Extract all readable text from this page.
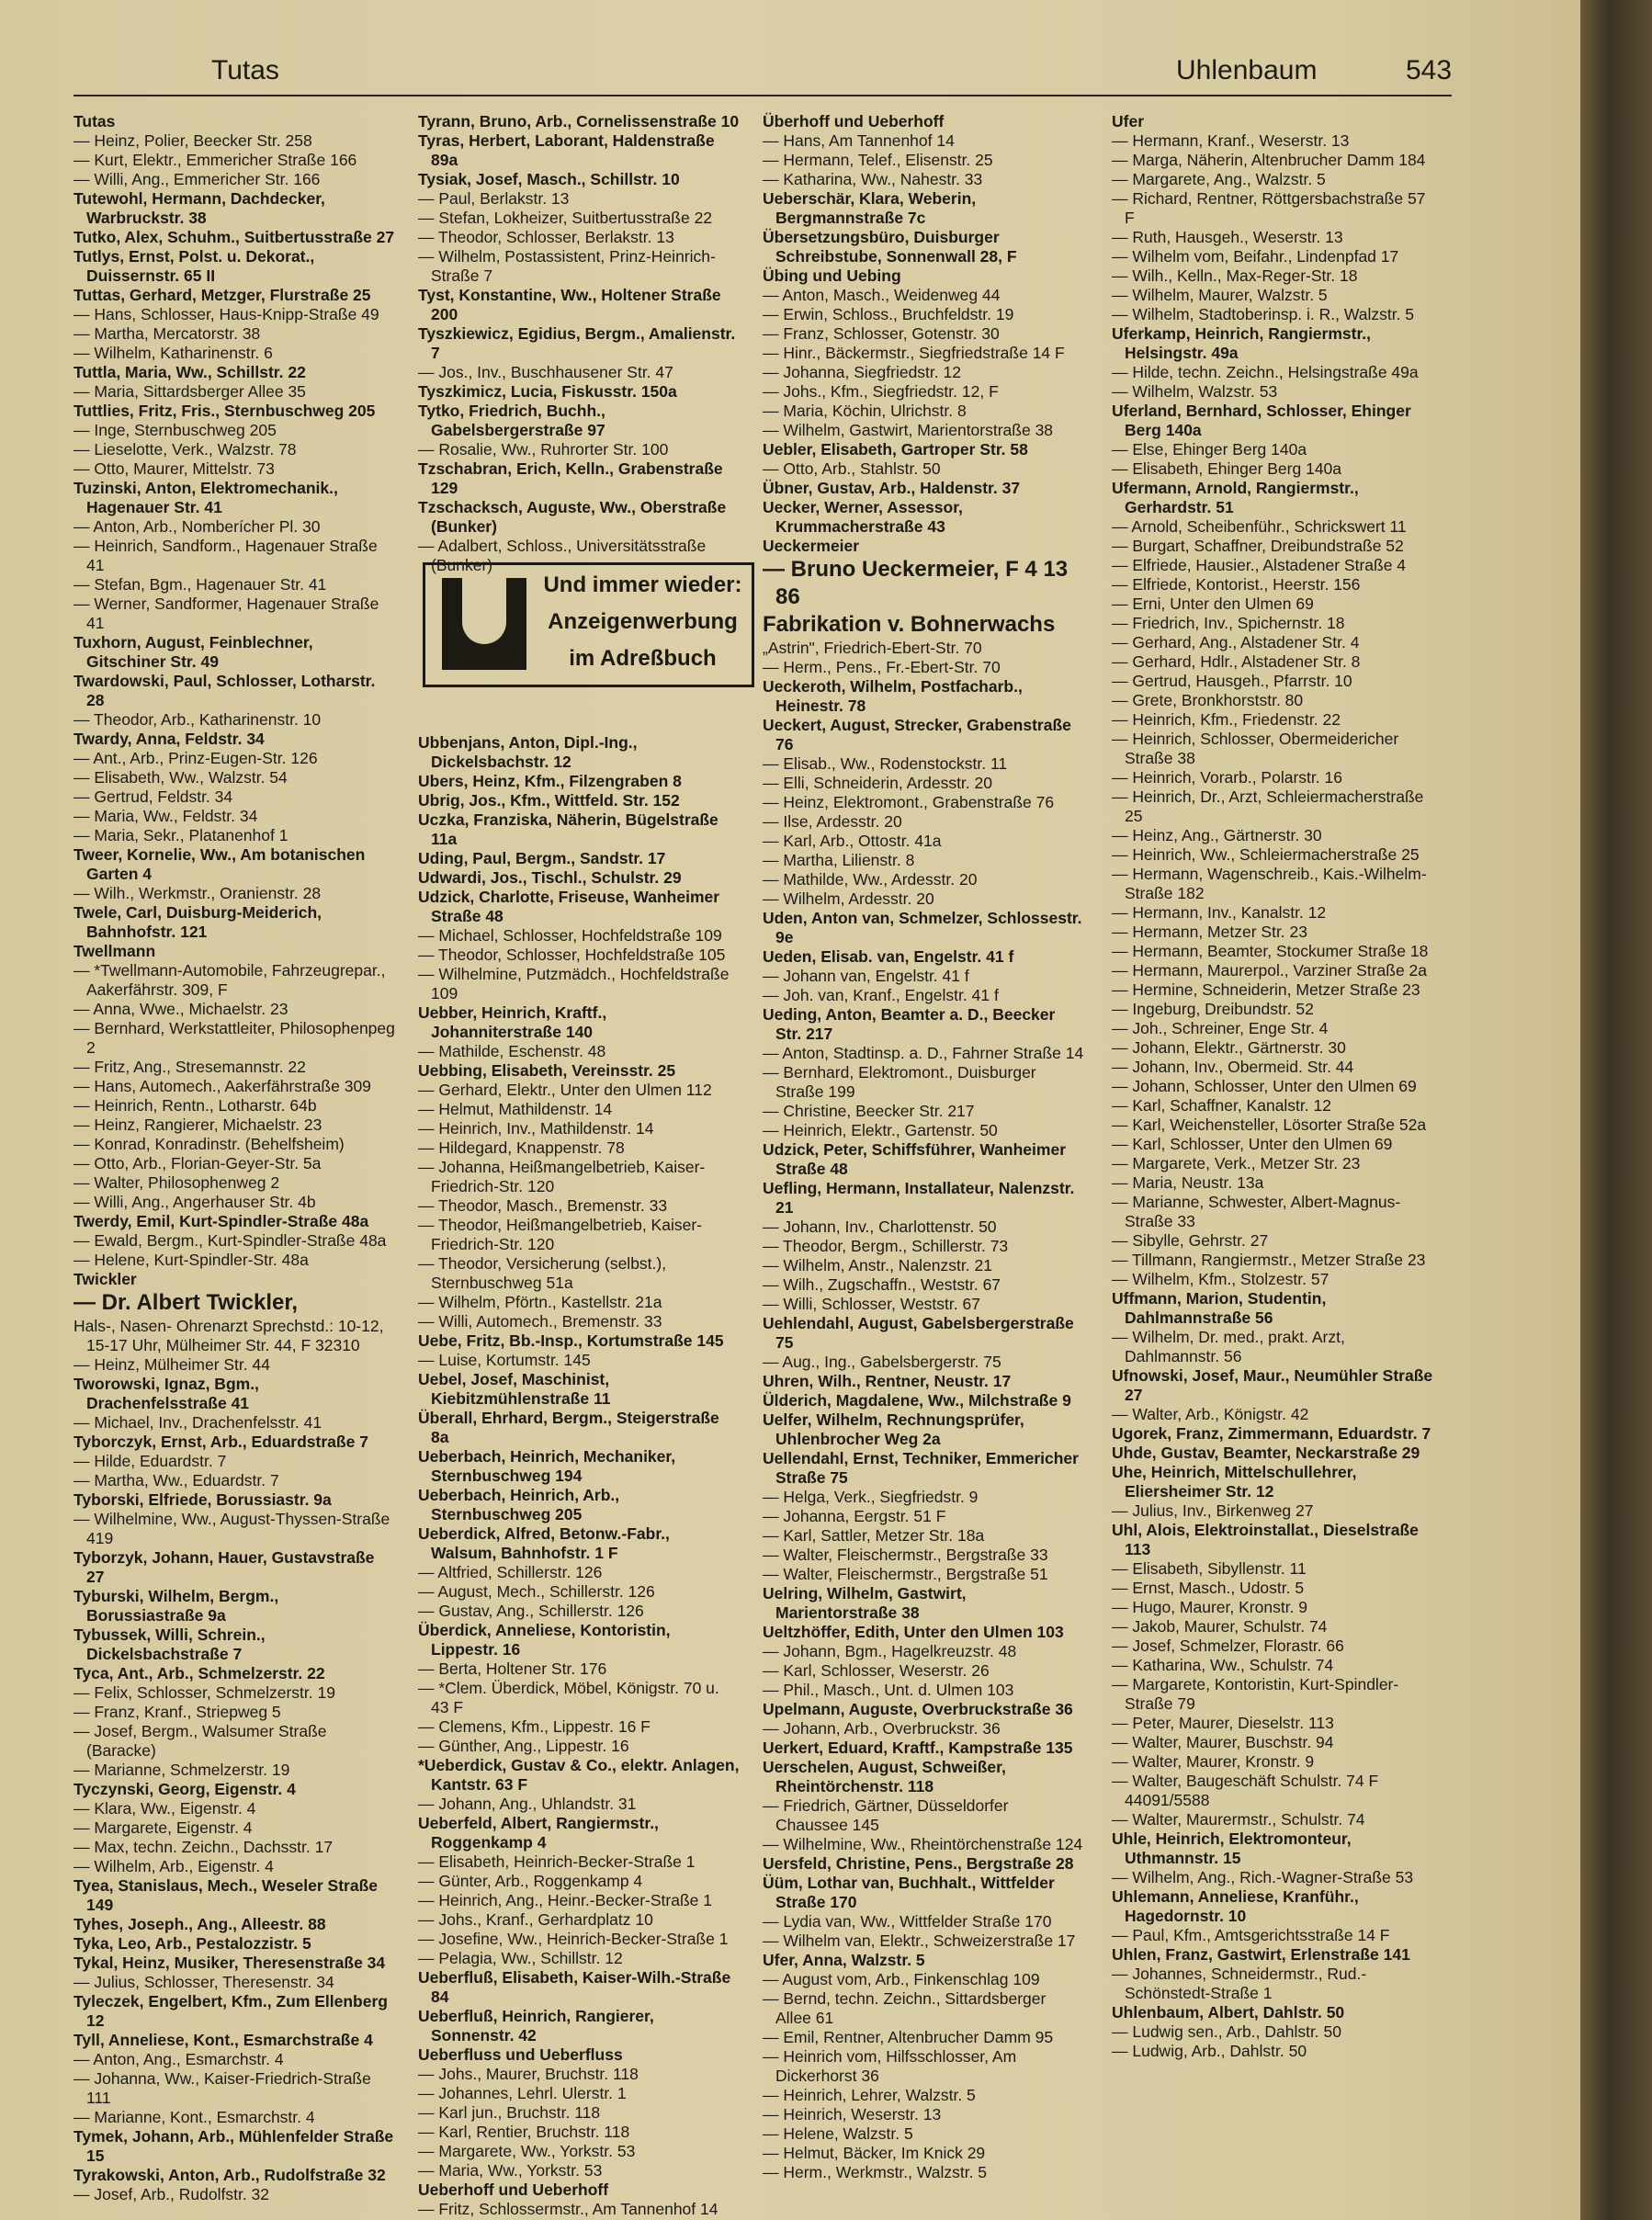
Tutas	Uhlenbaum	543

Tutas

— Heinz, Polier, Beecker Str. 258

— Kurt, Elektr., Emmericher Straße 166

— Willi, Ang., Emmericher Str. 166

Tutewohl, Hermann, Dachdecker, Warbruckstr. 38

Tutko, Alex, Schuhm., Suitbertusstraße 27

Tutlys, Ernst, Polst. u. Dekorat., Duissernstr. 65 II

Tuttas, Gerhard, Metzger, Flurstraße 25

— Hans, Schlosser, Haus-Knipp-Straße 49

— Martha, Mercatorstr. 38

— Wilhelm, Katharinenstr. 6

Tuttla, Maria, Ww., Schillstr. 22

— Maria, Sittardsberger Allee 35

Tuttlies, Fritz, Fris., Sternbuschweg 205

— Inge, Sternbuschweg 205

— Lieselotte, Verk., Walzstr. 78

— Otto, Maurer, Mittelstr. 73

Tuzinski, Anton, Elektromechanik., Hagenauer Str. 41

— Anton, Arb., Nomberícher Pl. 30

— Heinrich, Sandform., Hagenauer Straße 41

— Stefan, Bgm., Hagenauer Str. 41

— Werner, Sandformer, Hagenauer Straße 41

Tuxhorn, August, Feinblechner, Gitschiner Str. 49

Twardowski, Paul, Schlosser, Lotharstr. 28

— Theodor, Arb., Katharinenstr. 10

Twardy, Anna, Feldstr. 34

— Ant., Arb., Prinz-Eugen-Str. 126

— Elisabeth, Ww., Walzstr. 54

— Gertrud, Feldstr. 34

— Maria, Ww., Feldstr. 34

— Maria, Sekr., Platanenhof 1

Tweer, Kornelie, Ww., Am botanischen Garten 4

— Wilh., Werkmstr., Oranienstr. 28

Twele, Carl, Duisburg-Meiderich, Bahnhofstr. 121

Twellmann

— *Twellmann-Automobile, Fahrzeugrepar., Aakerfährstr. 309, F

— Anna, Wwe., Michaelstr. 23

— Bernhard, Werkstattleiter, Philosophenpeg 2

— Fritz, Ang., Stresemannstr. 22

— Hans, Automech., Aakerfährstraße 309

— Heinrich, Rentn., Lotharstr. 64b

— Heinz, Rangierer, Michaelstr. 23

— Konrad, Konradinstr. (Behelfsheim)

— Otto, Arb., Florian-Geyer-Str. 5a

— Walter, Philosophenweg 2

— Willi, Ang., Angerhauser Str. 4b

Twerdy, Emil, Kurt-Spindler-Straße 48a

— Ewald, Bergm., Kurt-Spindler-Straße 48a

— Helene, Kurt-Spindler-Str. 48a

Twickler

— Dr. Albert Twickler,

Hals-, Nasen- Ohrenarzt Sprechstd.: 10-12, 15-17 Uhr, Mülheimer Str. 44, F 32310

— Heinz, Mülheimer Str. 44

Tworowski, Ignaz, Bgm., Drachenfelsstraße 41

— Michael, Inv., Drachenfelsstr. 41

Tyborczyk, Ernst, Arb., Eduardstraße 7

— Hilde, Eduardstr. 7

— Martha, Ww., Eduardstr. 7

Tyborski, Elfriede, Borussiastr. 9a

— Wilhelmine, Ww., August-Thyssen-Straße 419

Tyborzyk, Johann, Hauer, Gustavstraße 27

Tyburski, Wilhelm, Bergm., Borussiastraße 9a

Tybussek, Willi, Schrein., Dickelsbachstraße 7

Tyca, Ant., Arb., Schmelzerstr. 22

— Felix, Schlosser, Schmelzerstr. 19

— Franz, Kranf., Striepweg 5

— Josef, Bergm., Walsumer Straße (Baracke)

— Marianne, Schmelzerstr. 19

Tyczynski, Georg, Eigenstr. 4

— Klara, Ww., Eigenstr. 4

— Margarete, Eigenstr. 4

— Max, techn. Zeichn., Dachsstr. 17

— Wilhelm, Arb., Eigenstr. 4

Tyea, Stanislaus, Mech., Weseler Straße 149

Tyhes, Joseph., Ang., Alleestr. 88

Tyka, Leo, Arb., Pestalozzistr. 5

Tykal, Heinz, Musiker, Theresenstraße 34

— Julius, Schlosser, Theresenstr. 34

Tyleczek, Engelbert, Kfm., Zum Ellenberg 12

Tyll, Anneliese, Kont., Esmarchstraße 4

— Anton, Ang., Esmarchstr. 4

— Johanna, Ww., Kaiser-Friedrich-Straße 111

— Marianne, Kont., Esmarchstr. 4

Tymek, Johann, Arb., Mühlenfelder Straße 15

Tyrakowski, Anton, Arb., Rudolfstraße 32

— Josef, Arb., Rudolfstr. 32

Tyrann, Bruno, Arb., Cornelissenstraße 10

Tyras, Herbert, Laborant, Haldenstraße 89a

Tysiak, Josef, Masch., Schillstr. 10

— Paul, Berlakstr. 13

— Stefan, Lokheizer, Suitbertusstraße 22

— Theodor, Schlosser, Berlakstr. 13

— Wilhelm, Postassistent, Prinz-Heinrich-Straße 7

Tyst, Konstantine, Ww., Holtener Straße 200

Tyszkiewicz, Egidius, Bergm., Amalienstr. 7

— Jos., Inv., Buschhausener Str. 47

Tyszkimicz, Lucia, Fiskusstr. 150a

Tytko, Friedrich, Buchh., Gabelsbergerstraße 97

— Rosalie, Ww., Ruhrorter Str. 100

Tzschabran, Erich, Kelln., Grabenstraße 129

Tzschacksch, Auguste, Ww., Oberstraße (Bunker)

— Adalbert, Schloss., Universitätsstraße (Bunker)

Ubbenjans, Anton, Dipl.-Ing., Dickelsbachstr. 12

Ubers, Heinz, Kfm., Filzengraben 8

Ubrig, Jos., Kfm., Wittfeld. Str. 152

Uczka, Franziska, Näherin, Bügelstraße 11a

Uding, Paul, Bergm., Sandstr. 17

Udwardi, Jos., Tischl., Schulstr. 29

Udzick, Charlotte, Friseuse, Wanheimer Straße 48

— Michael, Schlosser, Hochfeldstraße 109

— Theodor, Schlosser, Hochfeldstraße 105

— Wilhelmine, Putzmädch., Hochfeldstraße 109

Uebber, Heinrich, Kraftf., Johanniterstraße 140

— Mathilde, Eschenstr. 48

Uebbing, Elisabeth, Vereinsstr. 25

— Gerhard, Elektr., Unter den Ulmen 112

— Helmut, Mathildenstr. 14

— Heinrich, Inv., Mathildenstr. 14

— Hildegard, Knappenstr. 78

— Johanna, Heißmangelbetrieb, Kaiser-Friedrich-Str. 120

— Theodor, Masch., Bremenstr. 33

— Theodor, Heißmangelbetrieb, Kaiser-Friedrich-Str. 120

— Theodor, Versicherung (selbst.), Sternbuschweg 51a

— Wilhelm, Pförtn., Kastellstr. 21a

— Willi, Automech., Bremenstr. 33

Uebe, Fritz, Bb.-Insp., Kortumstraße 145

— Luise, Kortumstr. 145

Uebel, Josef, Maschinist, Kiebitzmühlenstraße 11

Überall, Ehrhard, Bergm., Steigerstraße 8a

Ueberbach, Heinrich, Mechaniker, Sternbuschweg 194

Ueberbach, Heinrich, Arb., Sternbuschweg 205

Ueberdick, Alfred, Betonw.-Fabr., Walsum, Bahnhofstr. 1 F

— Altfried, Schillerstr. 126

— August, Mech., Schillerstr. 126

— Gustav, Ang., Schillerstr. 126

Überdick, Anneliese, Kontoristin, Lippestr. 16

— Berta, Holtener Str. 176

— *Clem. Überdick, Möbel, Königstr. 70 u. 43 F

— Clemens, Kfm., Lippestr. 16 F

— Günther, Ang., Lippestr. 16

*Ueberdick, Gustav & Co., elektr. Anlagen, Kantstr. 63 F

— Johann, Ang., Uhlandstr. 31

Ueberfeld, Albert, Rangiermstr., Roggenkamp 4

— Elisabeth, Heinrich-Becker-Straße 1

— Günter, Arb., Roggenkamp 4

— Heinrich, Ang., Heinr.-Becker-Straße 1

— Johs., Kranf., Gerhardplatz 10

— Josefine, Ww., Heinrich-Becker-Straße 1

— Pelagia, Ww., Schillstr. 12

Ueberfluß, Elisabeth, Kaiser-Wilh.-Straße 84

Ueberfluß, Heinrich, Rangierer, Sonnenstr. 42

Ueberfluss und Ueberfluss

— Johs., Maurer, Bruchstr. 118

— Johannes, Lehrl. Ulerstr. 1

— Karl jun., Bruchstr. 118

— Karl, Rentier, Bruchstr. 118

— Margarete, Ww., Yorkstr. 53

— Maria, Ww., Yorkstr. 53

Ueberhoff und Ueberhoff

— Fritz, Schlossermstr., Am Tannenhof 14

Überhoff und Ueberhoff

— Hans, Am Tannenhof 14

— Hermann, Telef., Elisenstr. 25

— Katharina, Ww., Nahestr. 33

Ueberschär, Klara, Weberin, Bergmannstraße 7c

Übersetzungsbüro, Duisburger Schreibstube, Sonnenwall 28, F

Übing und Uebing

— Anton, Masch., Weidenweg 44

— Erwin, Schloss., Bruchfeldstr. 19

— Franz, Schlosser, Gotenstr. 30

— Hinr., Bäckermstr., Siegfriedstraße 14 F

— Johanna, Siegfriedstr. 12

— Johs., Kfm., Siegfriedstr. 12, F

— Maria, Köchin, Ulrichstr. 8

— Wilhelm, Gastwirt, Marientorstraße 38

Uebler, Elisabeth, Gartroper Str. 58

— Otto, Arb., Stahlstr. 50

Übner, Gustav, Arb., Haldenstr. 37

Uecker, Werner, Assessor, Krummacherstraße 43

Ueckermeier

— Bruno Ueckermeier, F 4 13 86

Fabrikation v. Bohnerwachs

„Astrin", Friedrich-Ebert-Str. 70

— Herm., Pens., Fr.-Ebert-Str. 70

Ueckeroth, Wilhelm, Postfacharb., Heinestr. 78

Ueckert, August, Strecker, Grabenstraße 76

— Elisab., Ww., Rodenstockstr. 11

— Elli, Schneiderin, Ardesstr. 20

— Heinz, Elektromont., Grabenstraße 76

— Ilse, Ardesstr. 20

— Karl, Arb., Ottostr. 41a

— Martha, Lilienstr. 8

— Mathilde, Ww., Ardesstr. 20

— Wilhelm, Ardesstr. 20

Uden, Anton van, Schmelzer, Schlossestr. 9e

Ueden, Elisab. van, Engelstr. 41 f

— Johann van, Engelstr. 41 f

— Joh. van, Kranf., Engelstr. 41 f

Ueding, Anton, Beamter a. D., Beecker Str. 217

— Anton, Stadtinsp. a. D., Fahrner Straße 14

— Bernhard, Elektromont., Duisburger Straße 199

— Christine, Beecker Str. 217

— Heinrich, Elektr., Gartenstr. 50

Udzick, Peter, Schiffsführer, Wanheimer Straße 48

Uefling, Hermann, Installateur, Nalenzstr. 21

— Johann, Inv., Charlottenstr. 50

— Theodor, Bergm., Schillerstr. 73

— Wilhelm, Anstr., Nalenzstr. 21

— Wilh., Zugschaffn., Weststr. 67

— Willi, Schlosser, Weststr. 67

Uehlendahl, August, Gabelsbergerstraße 75

— Aug., Ing., Gabelsbergerstr. 75

Uhren, Wilh., Rentner, Neustr. 17

Ülderich, Magdalene, Ww., Milchstraße 9

Uelfer, Wilhelm, Rechnungsprüfer, Uhlenbrocher Weg 2a

Uellendahl, Ernst, Techniker, Emmericher Straße 75

— Helga, Verk., Siegfriedstr. 9

— Johanna, Eergstr. 51 F

— Karl, Sattler, Metzer Str. 18a

— Walter, Fleischermstr., Bergstraße 33

— Walter, Fleischermstr., Bergstraße 51

Uelring, Wilhelm, Gastwirt, Marientorstraße 38

Ueltzhöffer, Edith, Unter den Ulmen 103

— Johann, Bgm., Hagelkreuzstr. 48

— Karl, Schlosser, Weserstr. 26

— Phil., Masch., Unt. d. Ulmen 103

Upelmann, Auguste, Overbruckstraße 36

— Johann, Arb., Overbruckstr. 36

Uerkert, Eduard, Kraftf., Kampstraße 135

Uerschelen, August, Schweißer, Rheintörchenstr. 118

— Friedrich, Gärtner, Düsseldorfer Chaussee 145

— Wilhelmine, Ww., Rheintörchenstraße 124

Uersfeld, Christine, Pens., Bergstraße 28

Üüm, Lothar van, Buchhalt., Wittfelder Straße 170

— Lydia van, Ww., Wittfelder Straße 170

— Wilhelm van, Elektr., Schweizerstraße 17

Ufer, Anna, Walzstr. 5

— August vom, Arb., Finkenschlag 109

— Bernd, techn. Zeichn., Sittardsberger Allee 61

— Emil, Rentner, Altenbrucher Damm 95

— Heinrich vom, Hilfsschlosser, Am Dickerhorst 36

— Heinrich, Lehrer, Walzstr. 5

— Heinrich, Weserstr. 13

— Helene, Walzstr. 5

— Helmut, Bäcker, Im Knick 29

— Herm., Werkmstr., Walzstr. 5

Ufer

— Hermann, Kranf., Weserstr. 13

— Marga, Näherin, Altenbrucher Damm 184

— Margarete, Ang., Walzstr. 5

— Richard, Rentner, Röttgersbachstraße 57 F

— Ruth, Hausgeh., Weserstr. 13

— Wilhelm vom, Beifahr., Lindenpfad 17

— Wilh., Kelln., Max-Reger-Str. 18

— Wilhelm, Maurer, Walzstr. 5

— Wilhelm, Stadtoberinsp. i. R., Walzstr. 5

Uferkamp, Heinrich, Rangiermstr., Helsingstr. 49a

— Hilde, techn. Zeichn., Helsingstraße 49a

— Wilhelm, Walzstr. 53

Uferland, Bernhard, Schlosser, Ehinger Berg 140a

— Else, Ehinger Berg 140a

— Elisabeth, Ehinger Berg 140a

Ufermann, Arnold, Rangiermstr., Gerhardstr. 51

— Arnold, Scheibenführ., Schrickswert 11

— Burgart, Schaffner, Dreibundstraße 52

— Elfriede, Hausier., Alstadener Straße 4

— Elfriede, Kontorist., Heerstr. 156

— Erni, Unter den Ulmen 69

— Friedrich, Inv., Spichernstr. 18

— Gerhard, Ang., Alstadener Str. 4

— Gerhard, Hdlr., Alstadener Str. 8

— Gertrud, Hausgeh., Pfarrstr. 10

— Grete, Bronkhorststr. 80

— Heinrich, Kfm., Friedenstr. 22

— Heinrich, Schlosser, Obermeidericher Straße 38

— Heinrich, Vorarb., Polarstr. 16

— Heinrich, Dr., Arzt, Schleiermacherstraße 25

— Heinz, Ang., Gärtnerstr. 30

— Heinrich, Ww., Schleiermacherstraße 25

— Hermann, Wagenschreib., Kais.-Wilhelm-Straße 182

— Hermann, Inv., Kanalstr. 12

— Hermann, Metzer Str. 23

— Hermann, Beamter, Stockumer Straße 18

— Hermann, Maurerpol., Varziner Straße 2a

— Hermine, Schneiderin, Metzer Straße 23

— Ingeburg, Dreibundstr. 52

— Joh., Schreiner, Enge Str. 4

— Johann, Elektr., Gärtnerstr. 30

— Johann, Inv., Obermeid. Str. 44

— Johann, Schlosser, Unter den Ulmen 69

— Karl, Schaffner, Kanalstr. 12

— Karl, Weichensteller, Lösorter Straße 52a

— Karl, Schlosser, Unter den Ulmen 69

— Margarete, Verk., Metzer Str. 23

— Maria, Neustr. 13a

— Marianne, Schwester, Albert-Magnus-Straße 33

— Sibylle, Gehrstr. 27

— Tillmann, Rangiermstr., Metzer Straße 23

— Wilhelm, Kfm., Stolzestr. 57

Uffmann, Marion, Studentin, Dahlmannstraße 56

— Wilhelm, Dr. med., prakt. Arzt, Dahlmannstr. 56

Ufnowski, Josef, Maur., Neumühler Straße 27

— Walter, Arb., Königstr. 42

Ugorek, Franz, Zimmermann, Eduardstr. 7

Uhde, Gustav, Beamter, Neckarstraße 29

Uhe, Heinrich, Mittelschullehrer, Eliersheimer Str. 12

— Julius, Inv., Birkenweg 27

Uhl, Alois, Elektroinstallat., Dieselstraße 113

— Elisabeth, Sibyllenstr. 11

— Ernst, Masch., Udostr. 5

— Hugo, Maurer, Kronstr. 9

— Jakob, Maurer, Schulstr. 74

— Josef, Schmelzer, Florastr. 66

— Katharina, Ww., Schulstr. 74

— Margarete, Kontoristin, Kurt-Spindler-Straße 79

— Peter, Maurer, Dieselstr. 113

— Walter, Maurer, Buschstr. 94

— Walter, Maurer, Kronstr. 9

— Walter, Baugeschäft Schulstr. 74 F 44091/5588

— Walter, Maurermstr., Schulstr. 74

Uhle, Heinrich, Elektromonteur, Uthmannstr. 15

— Wilhelm, Ang., Rich.-Wagner-Straße 53

Uhlemann, Anneliese, Kranführ., Hagedornstr. 10

— Paul, Kfm., Amtsgerichtsstraße 14 F

Uhlen, Franz, Gastwirt, Erlenstraße 141

— Johannes, Schneidermstr., Rud.-Schönstedt-Straße 1

Uhlenbaum, Albert, Dahlstr. 50

— Ludwig sen., Arb., Dahlstr. 50

— Ludwig, Arb., Dahlstr. 50

Und immer wieder:
Anzeigenwerbung
im Adreßbuch
